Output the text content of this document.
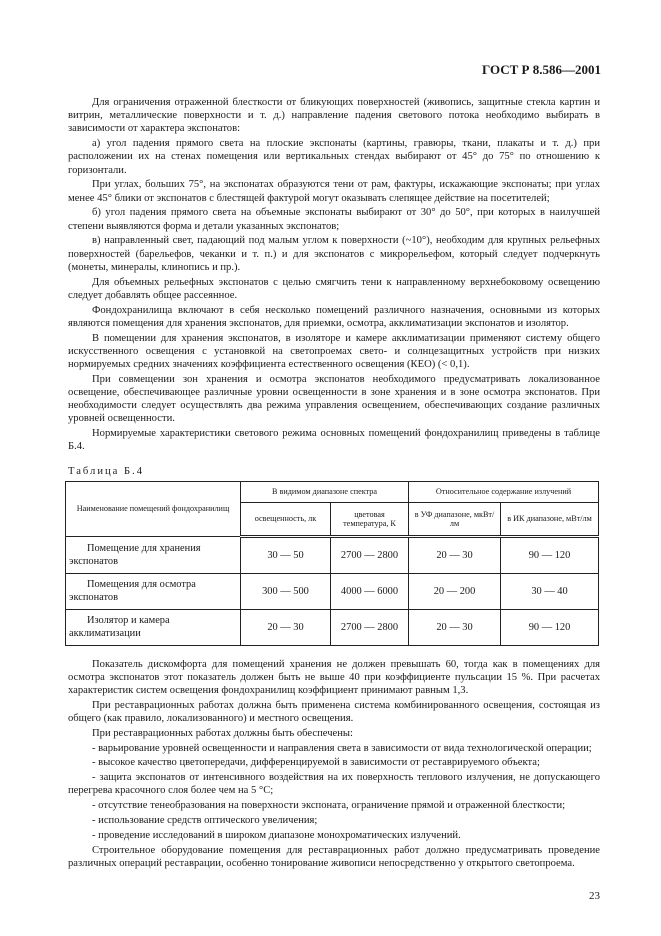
ГОСТ Р 8.586—2001

Для ограничения отраженной блесткости от бликующих поверхностей (живопись, защитные стекла картин и витрин, металлические поверхности и т. д.) направление падения светового потока необходимо выбирать в зависимости от характера экспонатов:

а) угол падения прямого света на плоские экспонаты (картины, гравюры, ткани, плакаты и т. д.) при расположении их на стенах помещения или вертикальных стендах выбирают от 45° до 75° по отношению к горизонтали.

При углах, больших 75°, на экспонатах образуются тени от рам, фактуры, искажающие экспонаты; при углах менее 45° блики от экспонатов с блестящей фактурой могут оказывать слепящее действие на посетителей;

б) угол падения прямого света на объемные экспонаты выбирают от 30° до 50°, при которых в наилучшей степени выявляются форма и детали указанных экспонатов;

в) направленный свет, падающий под малым углом к поверхности (~10°), необходим для крупных рельефных поверхностей (барельефов, чеканки и т. п.) и для экспонатов с микрорельефом, который следует подчеркнуть (монеты, минералы, клинопись и пр.).

Для объемных рельефных экспонатов с целью смягчить тени к направленному верхнебоковому освещению следует добавлять общее рассеянное.

Фондохранилища включают в себя несколько помещений различного назначения, основными из которых являются помещения для хранения экспонатов, для приемки, осмотра, акклиматизации экспонатов и изолятор.

В помещении для хранения экспонатов, в изоляторе и камере акклиматизации применяют систему общего искусственного освещения с установкой на светопроемах свето- и солнцезащитных устройств при низких нормируемых средних значениях коэффициента естественного освещения (КЕО) (< 0,1).

При совмещении зон хранения и осмотра экспонатов необходимого предусматривать локализованное освещение, обеспечивающее различные уровни освещенности в зоне хранения и в зоне осмотра экспонатов. При необходимости следует осуществлять два режима управления освещением, обеспечивающих создание различных уровней освещенности.

Нормируемые характеристики светового режима основных помещений фондохранилищ приведены в таблице Б.4.

Таблица Б.4
Наименование помещений фондохранилищ	В видимом диапазоне спектра		Относительное содержание излучений	
	освещенность, лк	цветовая температура, К	в УФ диапазоне, мкВт/лм	в ИК диапазоне, мВт/лм
Помещение для хранения экспонатов	30 — 50	2700 — 2800	20 — 30	90 — 120
Помещения для осмотра экспонатов	300 — 500	4000 — 6000	20 — 200	30 — 40
Изолятор и камера акклиматизации	20 — 30	2700 — 2800	20 — 30	90 — 120

Показатель дискомфорта для помещений хранения не должен превышать 60, тогда как в помещениях для осмотра экспонатов этот показатель должен быть не выше 40 при коэффициенте пульсации 15 %. При расчетах характеристик систем освещения фондохранилищ коэффициент принимают равным 1,3.

При реставрационных работах должна быть применена система комбинированного освещения, состоящая из общего (как правило, локализованного) и местного освещения.

При реставрационных работах должны быть обеспечены:

- варьирование уровней освещенности и направления света в зависимости от вида технологической операции;

- высокое качество цветопередачи, дифференцируемой в зависимости от реставрируемого объекта;

- защита экспонатов от интенсивного воздействия на их поверхность теплового излучения, не допускающего перегрева красочного слоя более чем на 5 °С;

- отсутствие тенеобразования на поверхности экспоната, ограничение прямой и отраженной блесткости;

- использование средств оптического увеличения;

- проведение исследований в широком диапазоне монохроматических излучений.

Строительное оборудование помещения для реставрационных работ должно предусматривать проведение различных операций реставрации, особенно тонирование живописи непосредственно у открытого светопроема.

23
